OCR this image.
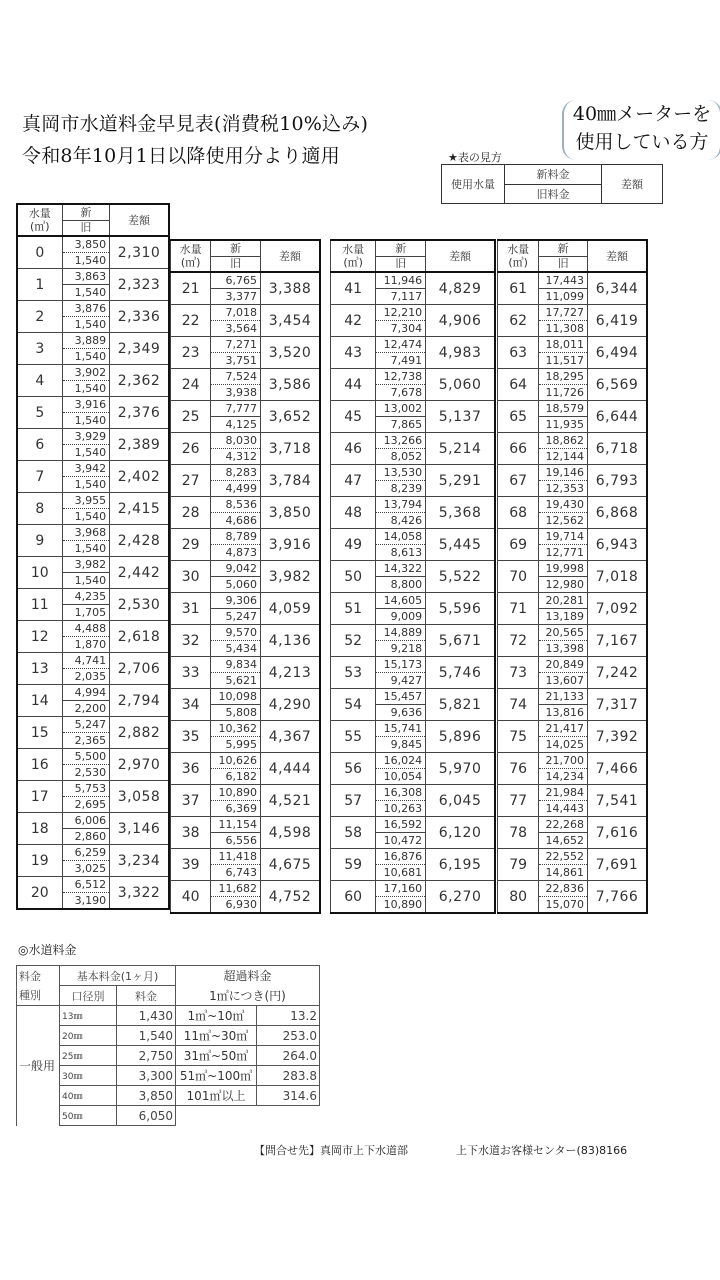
真岡市水道料金早見表(消費税10%込み)
令和8年10月1日以降使用分より適用
40㎜メーターを
使用している方
★表の見方
使用水量	新料金	差額
旧料金
水量
(㎥)	新	差額
	旧	
0	3,850	2,310
	1,540	
1	3,863	2,323
	1,540	
2	3,876	2,336
	1,540	
3	3,889	2,349
	1,540	
4	3,902	2,362
	1,540	
5	3,916	2,376
	1,540	
6	3,929	2,389
	1,540	
7	3,942	2,402
	1,540	
8	3,955	2,415
	1,540	
9	3,968	2,428
	1,540	
10	3,982	2,442
	1,540	
11	4,235	2,530
	1,705	
12	4,488	2,618
	1,870	
13	4,741	2,706
	2,035	
14	4,994	2,794
	2,200	
15	5,247	2,882
	2,365	
16	5,500	2,970
	2,530	
17	5,753	3,058
	2,695	
18	6,006	3,146
	2,860	
19	6,259	3,234
	3,025	
20	6,512	3,322
	3,190	
水量
(㎥)	新	差額
	旧	
21	6,765	3,388
	3,377	
22	7,018	3,454
	3,564	
23	7,271	3,520
	3,751	
24	7,524	3,586
	3,938	
25	7,777	3,652
	4,125	
26	8,030	3,718
	4,312	
27	8,283	3,784
	4,499	
28	8,536	3,850
	4,686	
29	8,789	3,916
	4,873	
30	9,042	3,982
	5,060	
31	9,306	4,059
	5,247	
32	9,570	4,136
	5,434	
33	9,834	4,213
	5,621	
34	10,098	4,290
	5,808	
35	10,362	4,367
	5,995	
36	10,626	4,444
	6,182	
37	10,890	4,521
	6,369	
38	11,154	4,598
	6,556	
39	11,418	4,675
	6,743	
40	11,682	4,752
	6,930	
水量
(㎥)	新	差額
	旧	
41	11,946	4,829
	7,117	
42	12,210	4,906
	7,304	
43	12,474	4,983
	7,491	
44	12,738	5,060
	7,678	
45	13,002	5,137
	7,865	
46	13,266	5,214
	8,052	
47	13,530	5,291
	8,239	
48	13,794	5,368
	8,426	
49	14,058	5,445
	8,613	
50	14,322	5,522
	8,800	
51	14,605	5,596
	9,009	
52	14,889	5,671
	9,218	
53	15,173	5,746
	9,427	
54	15,457	5,821
	9,636	
55	15,741	5,896
	9,845	
56	16,024	5,970
	10,054	
57	16,308	6,045
	10,263	
58	16,592	6,120
	10,472	
59	16,876	6,195
	10,681	
60	17,160	6,270
	10,890	
水量
(㎥)	新	差額
	旧	
61	17,443	6,344
	11,099	
62	17,727	6,419
	11,308	
63	18,011	6,494
	11,517	
64	18,295	6,569
	11,726	
65	18,579	6,644
	11,935	
66	18,862	6,718
	12,144	
67	19,146	6,793
	12,353	
68	19,430	6,868
	12,562	
69	19,714	6,943
	12,771	
70	19,998	7,018
	12,980	
71	20,281	7,092
	13,189	
72	20,565	7,167
	13,398	
73	20,849	7,242
	13,607	
74	21,133	7,317
	13,816	
75	21,417	7,392
	14,025	
76	21,700	7,466
	14,234	
77	21,984	7,541
	14,443	
78	22,268	7,616
	14,652	
79	22,552	7,691
	14,861	
80	22,836	7,766
	15,070	
◎水道料金
料金	基本料金(1ヶ月)		超過料金	
種別	口径別	料金	1㎥につき(円)	
一般用	13㎜	1,430	1㎥~10㎥	13.2
	20㎜	1,540	11㎥~30㎥	253.0
	25㎜	2,750	31㎥~50㎥	264.0
	30㎜	3,300	51㎥~100㎥	283.8
	40㎜	3,850	101㎥以上	314.6
	50㎜	6,050		
【問合せ先】真岡市上下水道部	上下水道お客様センター(83)8166
